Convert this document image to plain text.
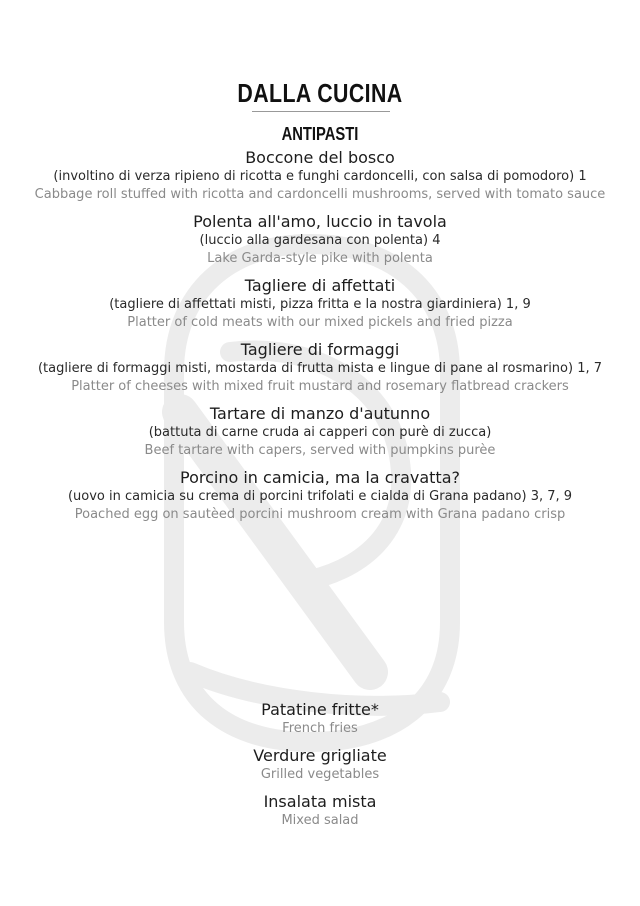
DALLA CUCINA
ANTIPASTI
Boccone del bosco
(involtino di verza ripieno di ricotta e funghi cardoncelli, con salsa di pomodoro) 1
Cabbage roll stuffed with ricotta and cardoncelli mushrooms, served with tomato sauce
Polenta all'amo, luccio in tavola
(luccio alla gardesana con polenta) 4
Lake Garda-style pike with polenta
Tagliere di affettati
(tagliere di affettati misti, pizza fritta e la nostra giardiniera) 1, 9
Platter of cold meats with our mixed pickels and fried pizza
Tagliere di formaggi
(tagliere di formaggi misti, mostarda di frutta mista e lingue di pane al rosmarino) 1, 7
Platter of cheeses with mixed fruit mustard and rosemary flatbread crackers
Tartare di manzo d'autunno
(battuta di carne cruda ai capperi con purè di zucca)
Beef tartare with capers, served with pumpkins purèe
Porcino in camicia, ma la cravatta?
(uovo in camicia su crema di porcini trifolati e cialda di Grana padano) 3, 7, 9
Poached egg on sautèed porcini mushroom cream with Grana padano crisp
Patatine fritte*
French fries
Verdure grigliate
Grilled vegetables
Insalata mista
Mixed salad
